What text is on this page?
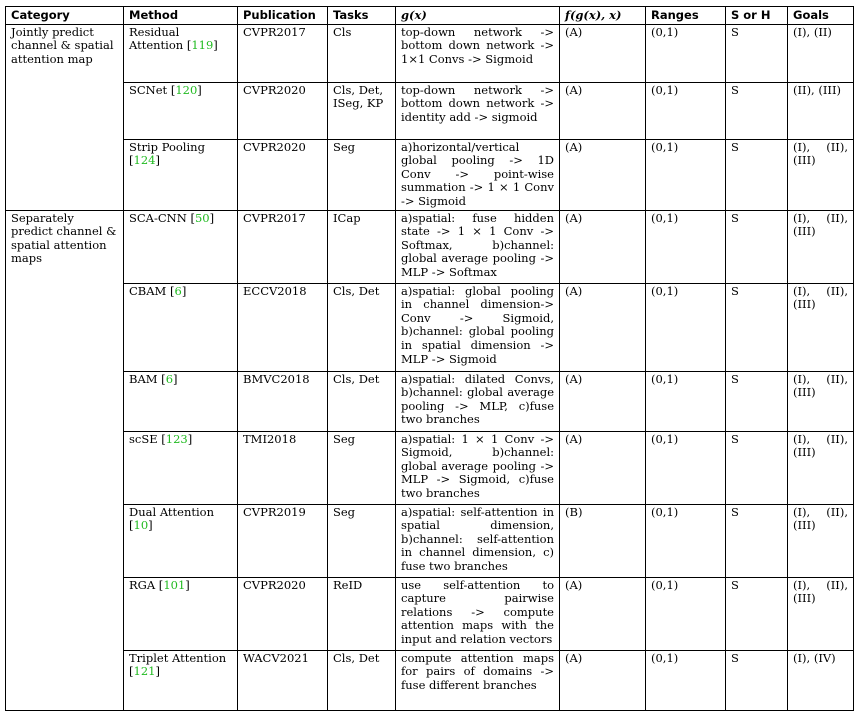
Category	Method	Publication	Tasks	g(x)	f(g(x), x)	Ranges	S or H	Goals
Jointly predict channel & spatial attention map	Residual Attention [119]	CVPR2017	Cls	top-down network -> bottom down network -> 1×1 Convs -> Sigmoid	(A)	(0,1)	S	(I), (II)
	SCNet [120]	CVPR2020	Cls, Det, ISeg, KP	top-down network -> bottom down network -> identity add -> sigmoid	(A)	(0,1)	S	(II), (III)
	Strip Pooling [124]	CVPR2020	Seg	a)horizontal/vertical global pooling -> 1D Conv -> point-wise summation -> 1 × 1 Conv -> Sigmoid	(A)	(0,1)	S	(I), (II), (III)
Separately predict channel & spatial attention maps	SCA-CNN [50]	CVPR2017	ICap	a)spatial: fuse hidden state -> 1 × 1 Conv -> Softmax, b)channel: global average pooling -> MLP -> Softmax	(A)	(0,1)	S	(I), (II), (III)
	CBAM [6]	ECCV2018	Cls, Det	a)spatial: global pooling in channel dimension-> Conv -> Sigmoid, b)channel: global pooling in spatial dimension -> MLP -> Sigmoid	(A)	(0,1)	S	(I), (II), (III)
	BAM [6]	BMVC2018	Cls, Det	a)spatial: dilated Convs, b)channel: global average pooling -> MLP, c)fuse two branches	(A)	(0,1)	S	(I), (II), (III)
	scSE [123]	TMI2018	Seg	a)spatial: 1 × 1 Conv -> Sigmoid, b)channel: global average pooling -> MLP -> Sigmoid, c)fuse two branches	(A)	(0,1)	S	(I), (II), (III)
	Dual Attention [10]	CVPR2019	Seg	a)spatial: self-attention in spatial dimension, b)channel: self-attention in channel dimension, c) fuse two branches	(B)	(0,1)	S	(I), (II), (III)
	RGA [101]	CVPR2020	ReID	use self-attention to capture pairwise relations -> compute attention maps with the input and relation vectors	(A)	(0,1)	S	(I), (II), (III)
	Triplet Attention [121]	WACV2021	Cls, Det	compute attention maps for pairs of domains -> fuse different branches	(A)	(0,1)	S	(I), (IV)
